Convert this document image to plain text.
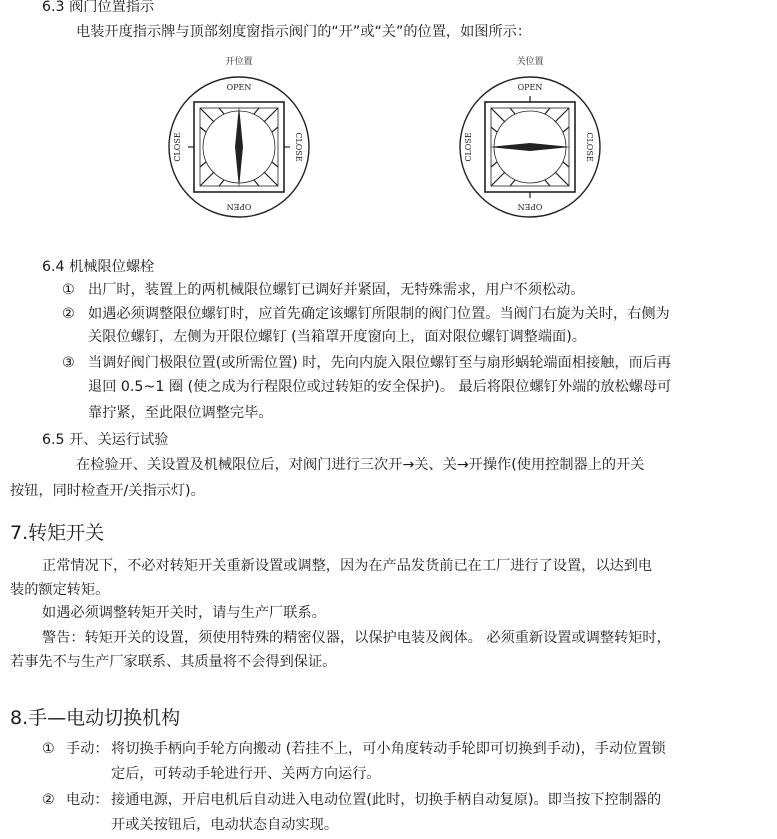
6.3 阀门位置指示
电装开度指示牌与顶部刻度窗指示阀门的“开”或“关”的位置，如图所示：
开位置
OPEN
OPEN
CLOSE	CLOSE
关位置
OPEN
OPEN
CLOSE	CLOSE
6.4 机械限位螺栓
① 出厂时，装置上的两机械限位螺钉已调好并紧固，无特殊需求，用户不须松动。
② 如遇必须调整限位螺钉时，应首先确定该螺钉所限制的阀门位置。当阀门右旋为关时，右侧为
关限位螺钉，左侧为开限位螺钉 (当箱罩开度窗向上，面对限位螺钉调整端面)。
③ 当调好阀门极限位置(或所需位置) 时，先向内旋入限位螺钉至与扇形蜗轮端面相接触，而后再
退回 0.5~1 圈 (使之成为行程限位或过转矩的安全保护)。 最后将限位螺钉外端的放松螺母可
靠拧紧，至此限位调整完毕。
6.5 开、关运行试验
在检验开、关设置及机械限位后，对阀门进行三次开→关、关→开操作(使用控制器上的开关
按钮，同时检查开/关指示灯)。
7.转矩开关
正常情况下，不必对转矩开关重新设置或调整，因为在产品发货前已在工厂进行了设置，以达到电
装的额定转矩。
如遇必须调整转矩开关时，请与生产厂联系。
警告：转矩开关的设置，须使用特殊的精密仪器，以保护电装及阀体。 必须重新设置或调整转矩时，
若事先不与生产厂家联系、其质量将不会得到保证。
8.手—电动切换机构
① 手动： 将切换手柄向手轮方向搬动 (若挂不上，可小角度转动手轮即可切换到手动)，手动位置锁
定后，可转动手轮进行开、关两方向运行。
② 电动： 接通电源，开启电机后自动进入电动位置(此时，切换手柄自动复原)。即当按下控制器的
开或关按钮后，电动状态自动实现。
